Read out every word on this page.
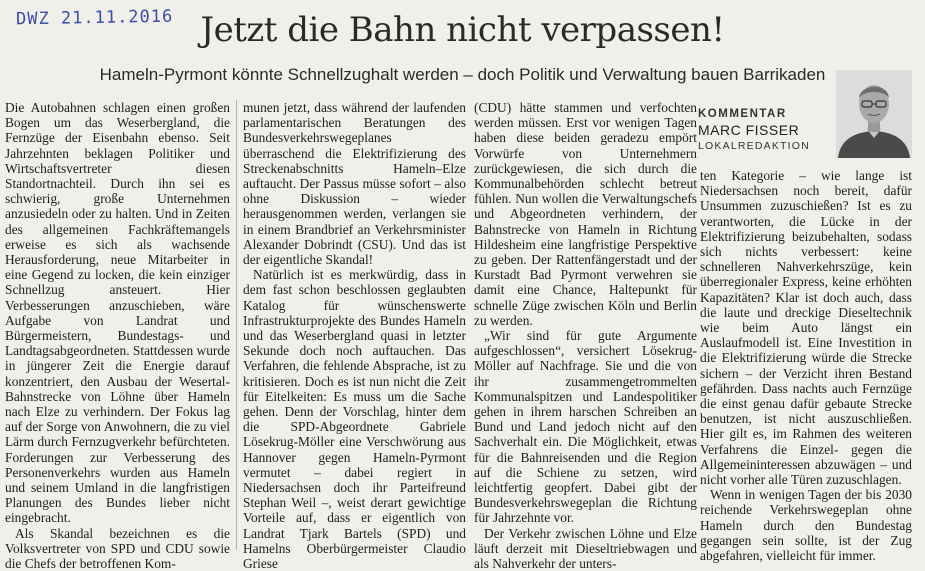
DWZ 21.11.2016 Jetzt die Bahn nicht verpassen!
Hameln-Pyrmont könnte Schnellzughalt werden – doch Politik und Verwaltung bauen Barrikaden
KOMMENTAR
MARC FISSER
LOKALREDAKTION

Die Autobahnen schlagen einen großen Bogen um das Weserbergland, die Fernzüge der Eisenbahn ebenso. Seit Jahrzehnten beklagen Politiker und Wirtschaftsvertreter diesen Standortnachteil. Durch ihn sei es schwierig, große Unternehmen anzusiedeln oder zu halten. Und in Zeiten des allgemeinen Fachkräftemangels erweise es sich als wachsende Herausforderung, neue Mitarbeiter in eine Gegend zu locken, die kein einziger Schnellzug ansteuert. Hier Verbesserungen anzuschieben, wäre Aufgabe von Landrat und Bürgermeistern, Bundestags- und Landtagsabgeordneten. Stattdessen wurde in jüngerer Zeit die Energie darauf konzentriert, den Ausbau der Wesertal-Bahnstrecke von Löhne über Hameln nach Elze zu verhindern. Der Fokus lag auf der Sorge von Anwohnern, die zu viel Lärm durch Fernzugverkehr befürchteten. Forderungen zur Verbesserung des Personenverkehrs wurden aus Hameln und seinem Umland in die langfristigen Planungen des Bundes lieber nicht eingebracht.

Als Skandal bezeichnen es die Volksvertreter von SPD und CDU sowie die Chefs der betroffenen Kom-

munen jetzt, dass während der laufenden parlamentarischen Beratungen des Bundesverkehrswegeplanes überraschend die Elektrifizierung des Streckenabschnitts Hameln–Elze auftaucht. Der Passus müsse sofort – also ohne Diskussion – wieder herausgenommen werden, verlangen sie in einem Brandbrief an Verkehrsminister Alexander Dobrindt (CSU). Und das ist der eigentliche Skandal!

Natürlich ist es merkwürdig, dass in dem fast schon beschlossen geglaubten Katalog für wünschenswerte Infrastrukturprojekte des Bundes Hameln und das Weserbergland quasi in letzter Sekunde doch noch auftauchen. Das Verfahren, die fehlende Absprache, ist zu kritisieren. Doch es ist nun nicht die Zeit für Eitelkeiten: Es muss um die Sache gehen. Denn der Vorschlag, hinter dem die SPD-Abgeordnete Gabriele Lösekrug-Möller eine Verschwörung aus Hannover gegen Hameln-Pyrmont vermutet – dabei regiert in Niedersachsen doch ihr Parteifreund Stephan Weil –, weist derart gewichtige Vorteile auf, dass er eigentlich von Landrat Tjark Bartels (SPD) und Hamelns Oberbürgermeister Claudio Griese

(CDU) hätte stammen und verfochten werden müssen. Erst vor wenigen Tagen haben diese beiden geradezu empört Vorwürfe von Unternehmern zurückgewiesen, die sich durch die Kommunalbehörden schlecht betreut fühlen. Nun wollen die Verwaltungschefs und Abgeordneten verhindern, der Bahnstrecke von Hameln in Richtung Hildesheim eine langfristige Perspektive zu geben. Der Rattenfängerstadt und der Kurstadt Bad Pyrmont verwehren sie damit eine Chance, Haltepunkt für schnelle Züge zwischen Köln und Berlin zu werden.

„Wir sind für gute Argumente aufgeschlossen“, versichert Lösekrug-Möller auf Nachfrage. Sie und die von ihr zusammengetrommelten Kommunalspitzen und Landespolitiker gehen in ihrem harschen Schreiben an Bund und Land jedoch nicht auf den Sachverhalt ein. Die Möglichkeit, etwas für die Bahnreisenden und die Region auf die Schiene zu setzen, wird leichtfertig geopfert. Dabei gibt der Bundesverkehrswegeplan die Richtung für Jahrzehnte vor.

Der Verkehr zwischen Löhne und Elze läuft derzeit mit Dieseltriebwagen und als Nahverkehr der unters-

ten Kategorie – wie lange ist Niedersachsen noch bereit, dafür Unsummen zuzuschießen? Ist es zu verantworten, die Lücke in der Elektrifizierung beizubehalten, sodass sich nichts verbessert: keine schnelleren Nahverkehrszüge, kein überregionaler Express, keine erhöhten Kapazitäten? Klar ist doch auch, dass die laute und dreckige Dieseltechnik wie beim Auto längst ein Auslaufmodell ist. Eine Investition in die Elektrifizierung würde die Strecke sichern – der Verzicht ihren Bestand gefährden. Dass nachts auch Fernzüge die einst genau dafür gebaute Strecke benutzen, ist nicht auszuschließen. Hier gilt es, im Rahmen des weiteren Verfahrens die Einzel- gegen die Allgemeininteressen abzuwägen – und nicht vorher alle Türen zuzuschlagen.

Wenn in wenigen Tagen der bis 2030 reichende Verkehrswegeplan ohne Hameln durch den Bundestag gegangen sein sollte, ist der Zug abgefahren, vielleicht für immer.
